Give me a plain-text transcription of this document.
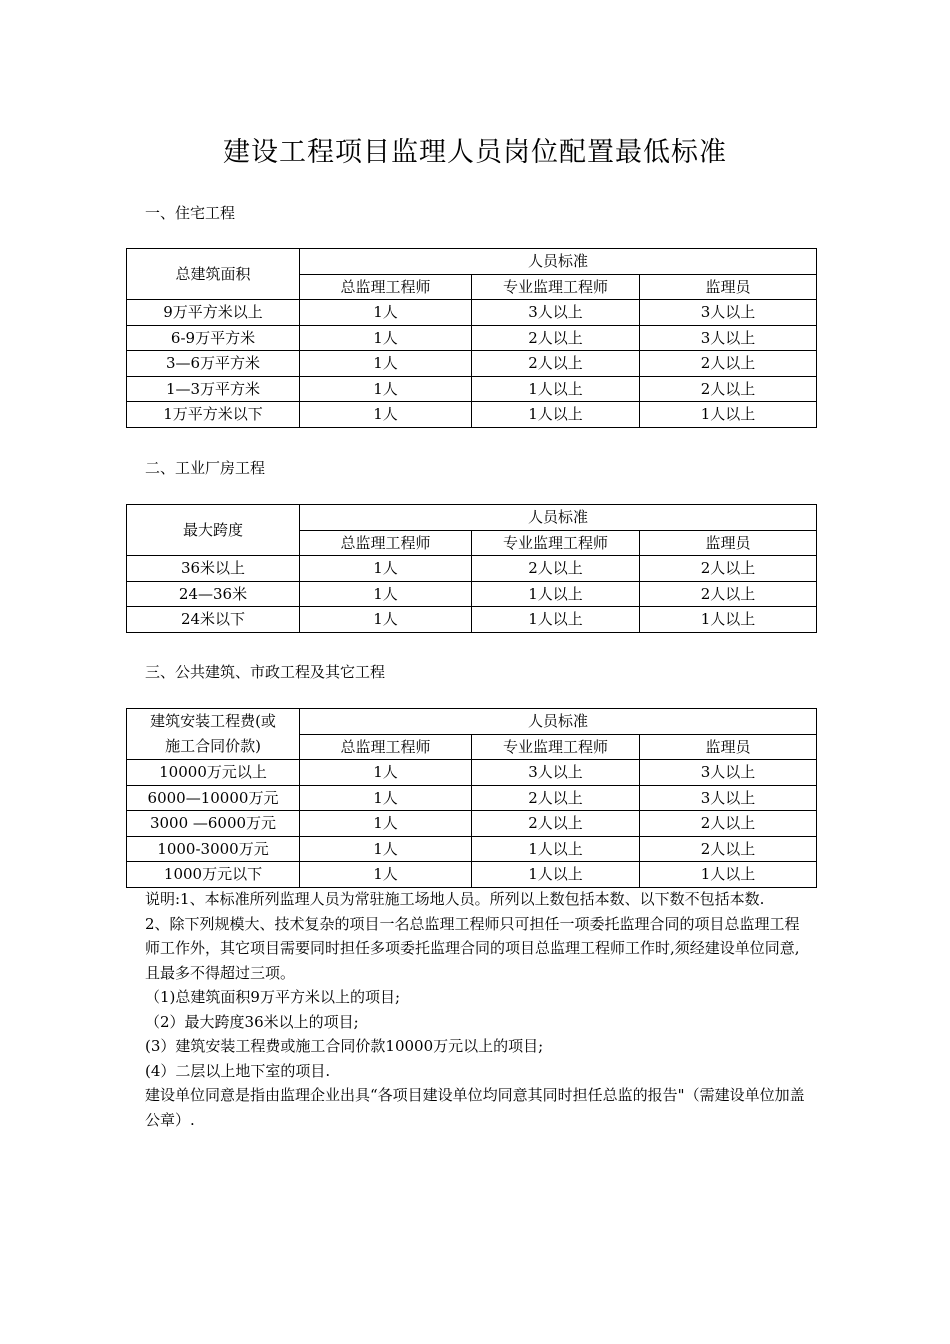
建设工程项目监理人员岗位配置最低标准
一、住宅工程
总建筑面积	人员标准		
	总监理工程师	专业监理工程师	监理员
9万平方米以上	1人	3人以上	3人以上
6-9万平方米	1人	2人以上	3人以上
3—6万平方米	1人	2人以上	2人以上
1—3万平方米	1人	1人以上	2人以上
1万平方米以下	1人	1人以上	1人以上
二、工业厂房工程
最大跨度	人员标准		
	总监理工程师	专业监理工程师	监理员
36米以上	1人	2人以上	2人以上
24—36米	1人	1人以上	2人以上
24米以下	1人	1人以上	1人以上
三、公共建筑、市政工程及其它工程
建筑安装工程费(或
施工合同价款)	人员标准		
	总监理工程师	专业监理工程师	监理员
10000万元以上	1人	3人以上	3人以上
6000—10000万元	1人	2人以上	3人以上
3000 —6000万元	1人	2人以上	2人以上
1000-3000万元	1人	1人以上	2人以上
1000万元以下	1人	1人以上	1人以上

说明:1、本标准所列监理人员为常驻施工场地人员。所列以上数包括本数、以下数不包括本数.

2、除下列规模大、技术复杂的项目一名总监理工程师只可担任一项委托监理合同的项目总监理工程师工作外，其它项目需要同时担任多项委托监理合同的项目总监理工程师工作时,须经建设单位同意,且最多不得超过三项。

（1)总建筑面积9万平方米以上的项目;

（2）最大跨度36米以上的项目;

(3）建筑安装工程费或施工合同价款10000万元以上的项目;

(4）二层以上地下室的项目.

建设单位同意是指由监理企业出具“各项目建设单位均同意其同时担任总监的报告"（需建设单位加盖公章）.
